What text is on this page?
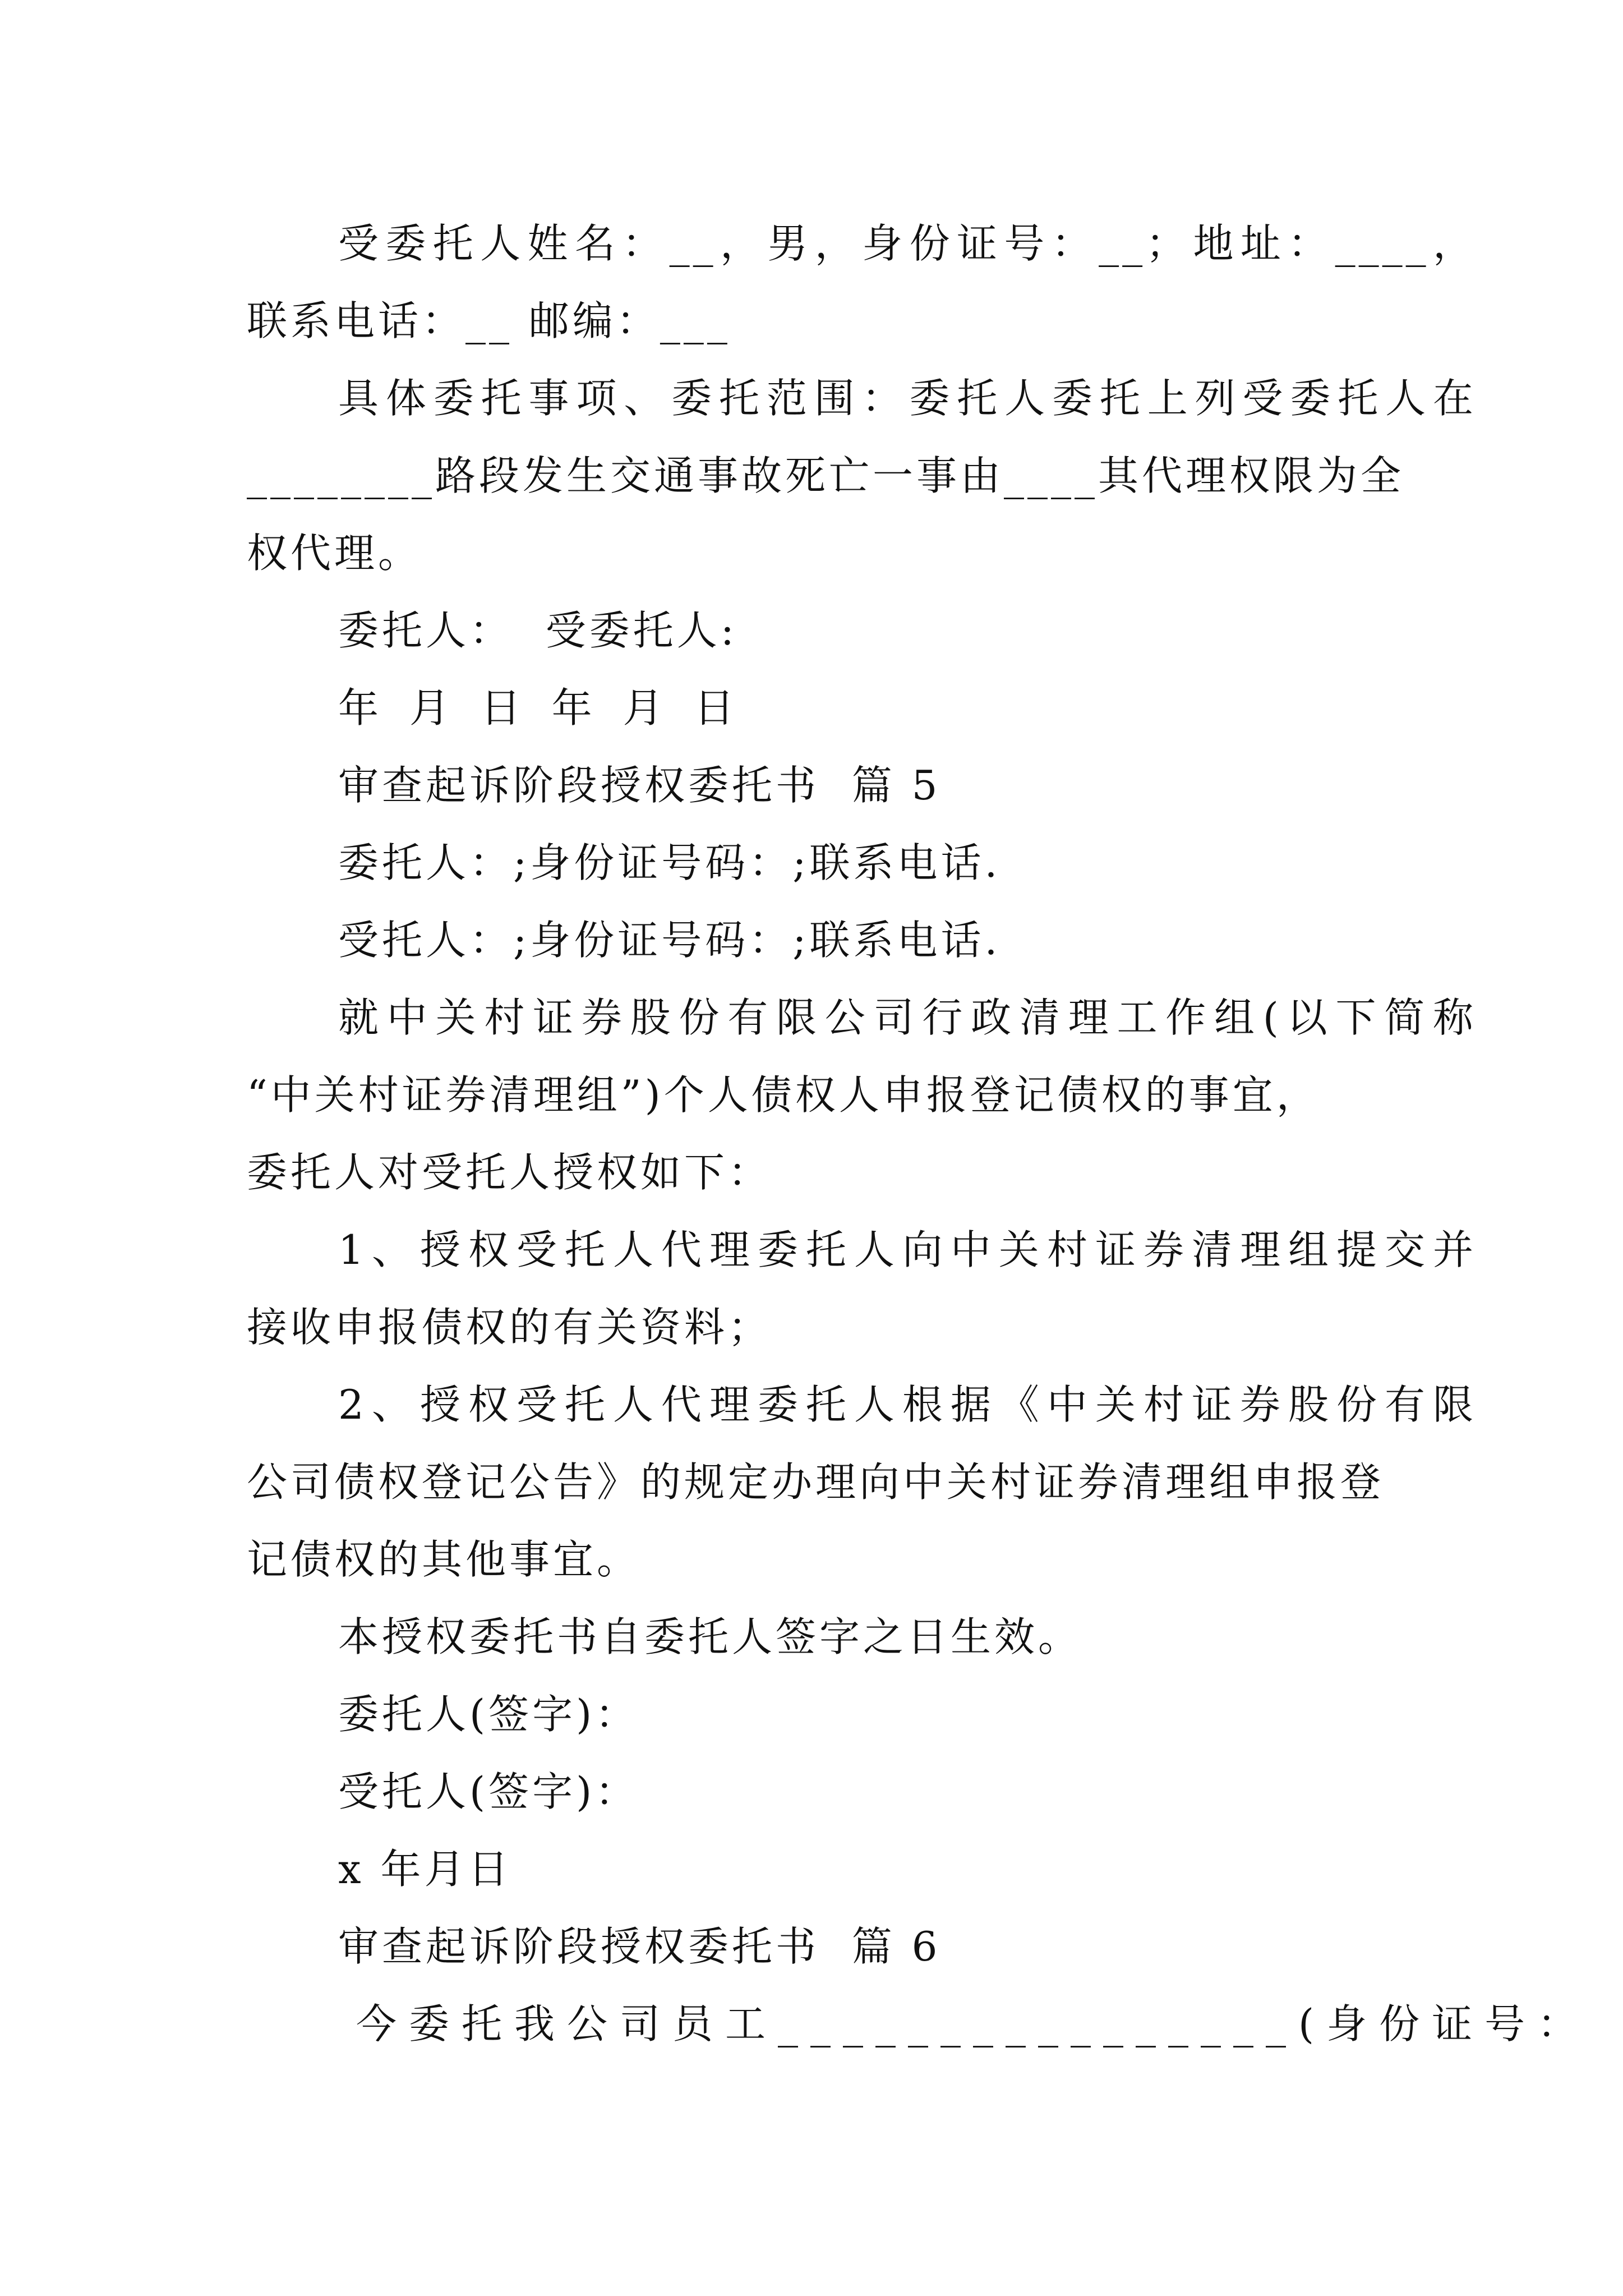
受委托人姓名：__，男，身份证号：__；地址：____，
联系电话：__ 邮编：___
具体委托事项、委托范围：委托人委托上列受委托人在
________路段发生交通事故死亡一事由____其代理权限为全
权代理。
委托人：  受委托人:
年 月 日 年 月 日
审查起诉阶段授权委托书  篇 5
委托人：;身份证号码：;联系电话.
受托人：;身份证号码：;联系电话.
就中关村证券股份有限公司行政清理工作组(以下简称
“中关村证券清理组”)个人债权人申报登记债权的事宜，
委托人对受托人授权如下：
1、授权受托人代理委托人向中关村证券清理组提交并
接收申报债权的有关资料；
2、授权受托人代理委托人根据《中关村证券股份有限
公司债权登记公告》的规定办理向中关村证券清理组申报登
记债权的其他事宜。
本授权委托书自委托人签字之日生效。
委托人(签字)：
受托人(签字)：
x 年月日
审查起诉阶段授权委托书  篇 6
今委托我公司员工________________(身份证号：
